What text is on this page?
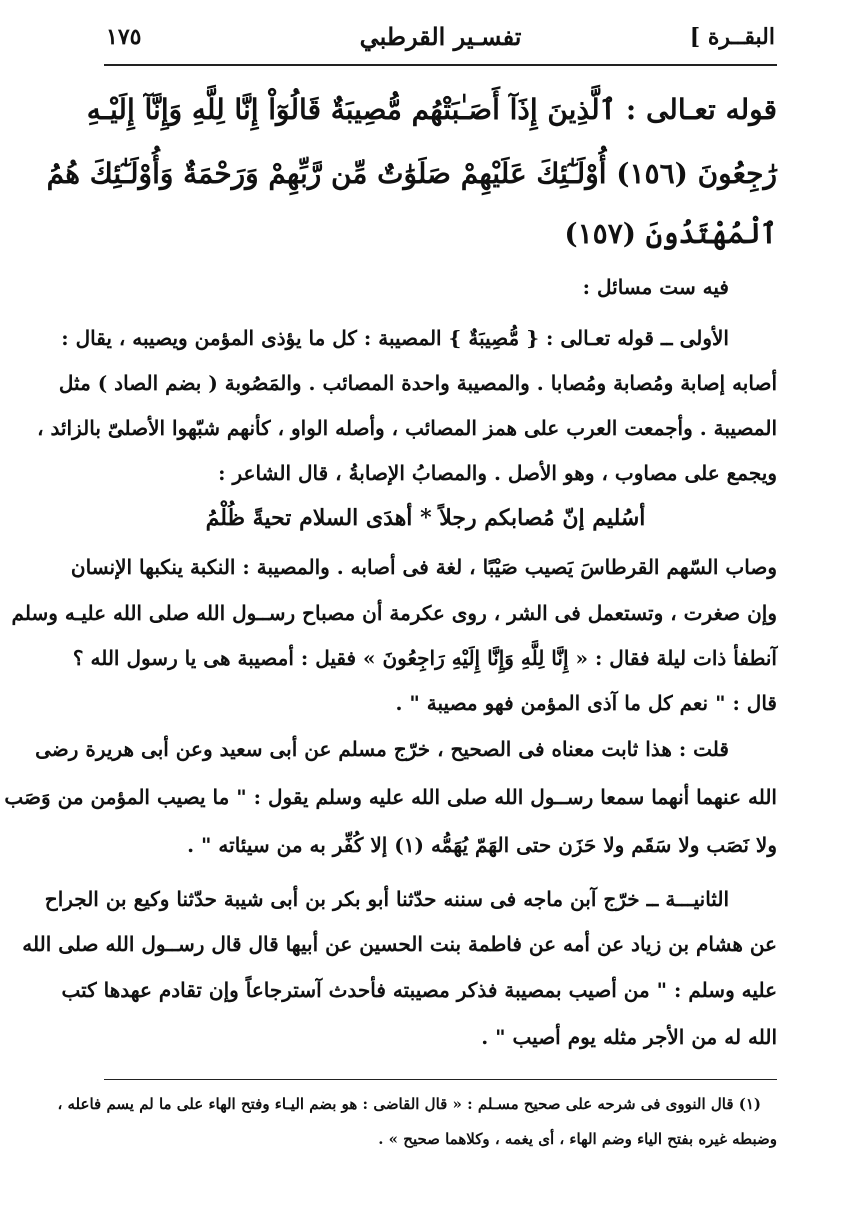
البقــرة ]
تفسـير القرطبي
١٧٥
قوله تعـالى : ٱلَّذِينَ إِذَآ أَصَـٰبَتْهُم مُّصِيبَةٌ قَالُوٓاْ إِنَّا لِلَّهِ وَإِنَّآ إِلَيْـهِ
رَٰجِعُونَ (١٥٦) أُوْلَـٰٓئِكَ عَلَيْهِمْ صَلَوَٰتٌ مِّن رَّبِّهِمْ وَرَحْمَةٌ وَأُوْلَـٰٓئِكَ هُمُ
ٱلْمُهْتَدُونَ (١٥٧)
فيه ست مسائل :
الأولى ــ قوله تعـالى : { مُّصِيبَةٌ } المصيبة : كل ما يؤذى المؤمن ويصيبه ، يقال :
أصابه إصابة ومُصابة ومُصابا . والمصيبة واحدة المصائب . والمَصُوبة ( بضم الصاد ) مثل
المصيبة . وأجمعت العرب على همز المصائب ، وأصله الواو ، كأنهم شبّهوا الأصلىّ بالزائد ،
ويجمع على مصاوب ، وهو الأصل . والمصابُ الإصابةُ ، قال الشاعر :
أسُليم إنّ مُصابكم رجلاً * أهدَى السلام تحيةً ظُلْمُ
وصاب السّهم القرطاسَ يَصيب صَيْبًا ، لغة فى أصابه . والمصيبة : النكبة ينكبها الإنسان
وإن صغرت ، وتستعمل فى الشر ، روى عكرمة أن مصباح رســول الله صلى الله عليـه وسلم
آنطفأ ذات ليلة فقال : « إِنَّا لِلَّهِ وَإِنَّا إِلَيْهِ رَاجِعُونَ » فقيل : أمصيبة هى يا رسول الله ؟
قال : " نعم كل ما آذى المؤمن فهو مصيبة " .
قلت : هذا ثابت معناه فى الصحيح ، خرّج مسلم عن أبى سعيد وعن أبى هريرة رضى
الله عنهما أنهما سمعا رســول الله صلى الله عليه وسلم يقول : " ما يصيب المؤمن من وَصَب
ولا نَصَب ولا سَقَم ولا حَزَن حتى الهَمّ يُهَمُّه (١) إلا كُفِّر به من سيئاته " .
الثانيـــة ــ خرّج آبن ماجه فى سننه حدّثنا أبو بكر بن أبى شيبة حدّثنا وكيع بن الجراح
عن هشام بن زياد عن أمه عن فاطمة بنت الحسين عن أبيها قال قال رســول الله صلى الله
عليه وسلم : " من أصيب بمصيبة فذكر مصيبته فأحدث آسترجاعاً وإن تقادم عهدها كتب
الله له من الأجر مثله يوم أصيب " .
(١) قال النووى فى شرحه على صحيح مسـلم : « قال القاضى : هو بضم اليـاء وفتح الهاء على ما لم يسم فاعله ،
وضبطه غيره بفتح الياء وضم الهاء ، أى يغمه ، وكلاهما صحيح » .
